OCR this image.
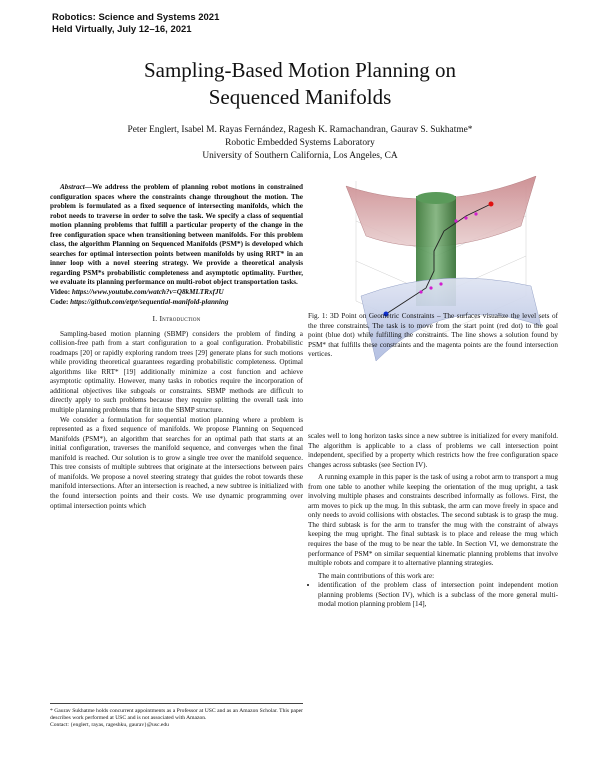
Robotics: Science and Systems 2021
Held Virtually, July 12–16, 2021
Sampling-Based Motion Planning on
Sequenced Manifolds
Peter Englert, Isabel M. Rayas Fernández, Ragesh K. Ramachandran, Gaurav S. Sukhatme*
Robotic Embedded Systems Laboratory
University of Southern California, Los Angeles, CA

Abstract—We address the problem of planning robot motions in constrained configuration spaces where the constraints change throughout the motion. The problem is formulated as a fixed sequence of intersecting manifolds, which the robot needs to traverse in order to solve the task. We specify a class of sequential motion planning problems that fulfill a particular property of the change in the free configuration space when transitioning between manifolds. For this problem class, the algorithm Planning on Sequenced Manifolds (PSM*) is developed which searches for optimal intersection points between manifolds by using RRT* in an inner loop with a novel steering strategy. We provide a theoretical analysis regarding PSM*s probabilistic completeness and asymptotic optimality. Further, we evaluate its planning performance on multi-robot object transportation tasks.

Video: https://www.youtube.com/watch?v=Q8kMLTRxfJU
Code: https://github.com/etpr/sequential-manifold-planning
I. Introduction

Sampling-based motion planning (SBMP) considers the problem of finding a collision-free path from a start configuration to a goal configuration. Probabilistic roadmaps [20] or rapidly exploring random trees [29] generate plans for such motions while providing theoretical guarantees regarding probabilistic completeness. Optimal algorithms like RRT* [19] additionally minimize a cost function and achieve asymptotic optimality. However, many tasks in robotics require the incorporation of additional objectives like subgoals or constraints. SBMP methods are difficult to directly apply to such problems because they require splitting the overall task into multiple planning problems that fit into the SBMP structure.

We consider a formulation for sequential motion planning where a problem is represented as a fixed sequence of manifolds. We propose Planning on Sequenced Manifolds (PSM*), an algorithm that searches for an optimal path that starts at an initial configuration, traverses the manifold sequence, and converges when the final manifold is reached. Our solution is to grow a single tree over the manifold sequence. This tree consists of multiple subtrees that originate at the intersections between pairs of manifolds. We propose a novel steering strategy that guides the robot towards these manifold intersections. After an intersection is reached, a new subtree is initialized with the found intersection points and their costs. We use dynamic programming over optimal intersection points which

* Gaurav Sukhatme holds concurrent appointments as a Professor at USC and as an Amazon Scholar. This paper describes work performed at USC and is not associated with Amazon.
Contact: {englert, rayas, rageshku, gaurav}@usc.edu
Fig. 1: 3D Point on Geometric Constraints – The surfaces visualize the level sets of the three constraints. The task is to move from the start point (red dot) to the goal point (blue dot) while fulfilling the constraints. The line shows a solution found by PSM* that fulfills these constraints and the magenta points are the found intersection vertices.

scales well to long horizon tasks since a new subtree is initialized for every manifold. The algorithm is applicable to a class of problems we call intersection point independent, specified by a property which restricts how the free configuration space changes across subtasks (see Section IV).

A running example in this paper is the task of using a robot arm to transport a mug from one table to another while keeping the orientation of the mug upright, a task involving multiple phases and constraints described informally as follows. First, the arm moves to pick up the mug. In this subtask, the arm can move freely in space and only needs to avoid collisions with obstacles. The second subtask is to grasp the mug. The third subtask is for the arm to transfer the mug with the constraint of always keeping the mug upright. The final subtask is to place and release the mug which requires the base of the mug to be near the table. In Section VI, we demonstrate the performance of PSM* on similar sequential kinematic planning problems that involve multiple robots and compare it to alternative planning strategies.

The main contributions of this work are:

• identification of the problem class of intersection point independent motion planning problems (Section IV), which is a subclass of the more general multi-modal motion planning problem [14],
